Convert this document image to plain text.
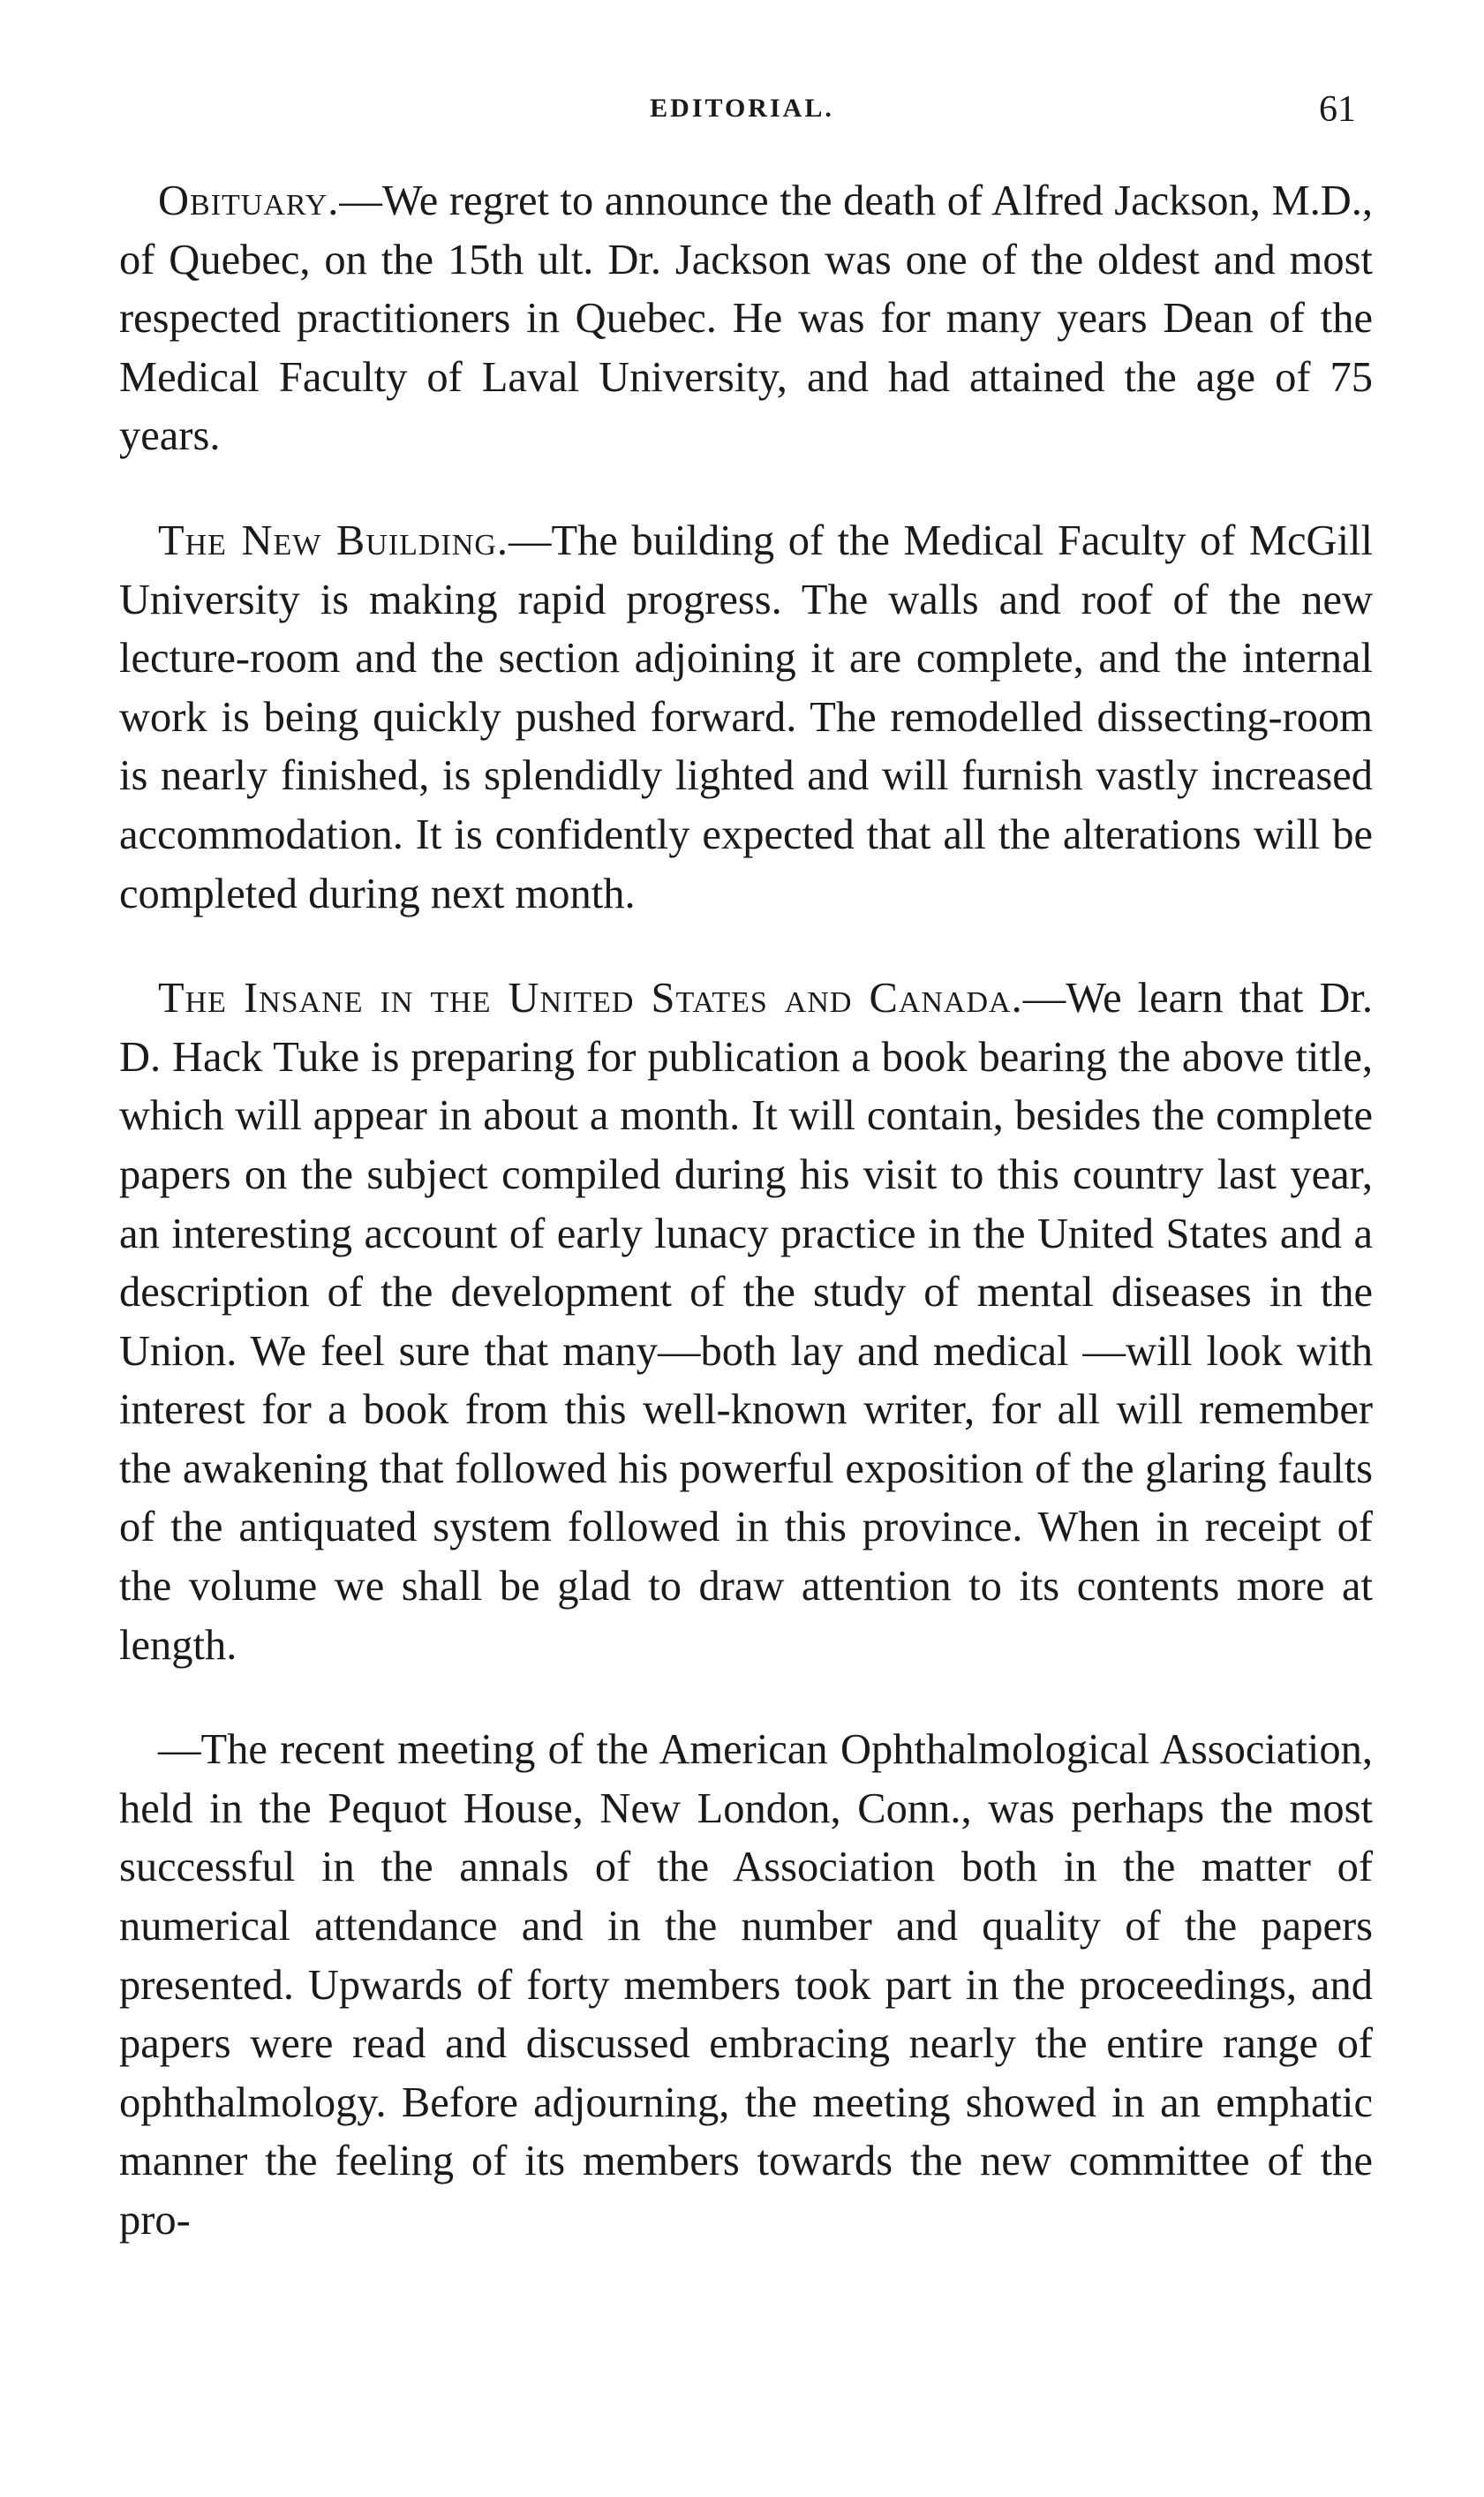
EDITORIAL.	61

Obituary.—We regret to announce the death of Alfred Jackson, M.D., of Quebec, on the 15th ult. Dr. Jackson was one of the oldest and most respected practitioners in Quebec. He was for many years Dean of the Medical Faculty of Laval University, and had attained the age of 75 years.

The New Building.—The building of the Medical Faculty of McGill University is making rapid progress. The walls and roof of the new lecture-room and the section adjoining it are complete, and the internal work is being quickly pushed forward. The remodelled dissecting-room is nearly finished, is splendidly lighted and will furnish vastly increased accommodation. It is confidently expected that all the alterations will be completed during next month.

The Insane in the United States and Canada.—We learn that Dr. D. Hack Tuke is preparing for publication a book bearing the above title, which will appear in about a month. It will contain, besides the complete papers on the subject compiled during his visit to this country last year, an interesting account of early lunacy practice in the United States and a description of the development of the study of mental diseases in the Union. We feel sure that many—both lay and medical —will look with interest for a book from this well-known writer, for all will remember the awakening that followed his powerful exposition of the glaring faults of the antiquated system followed in this province. When in receipt of the volume we shall be glad to draw attention to its contents more at length.

—The recent meeting of the American Ophthalmological Association, held in the Pequot House, New London, Conn., was perhaps the most successful in the annals of the Association both in the matter of numerical attendance and in the number and quality of the papers presented. Upwards of forty members took part in the proceedings, and papers were read and discussed embracing nearly the entire range of ophthalmology. Before adjourning, the meeting showed in an emphatic manner the feeling of its members towards the new committee of the pro-
